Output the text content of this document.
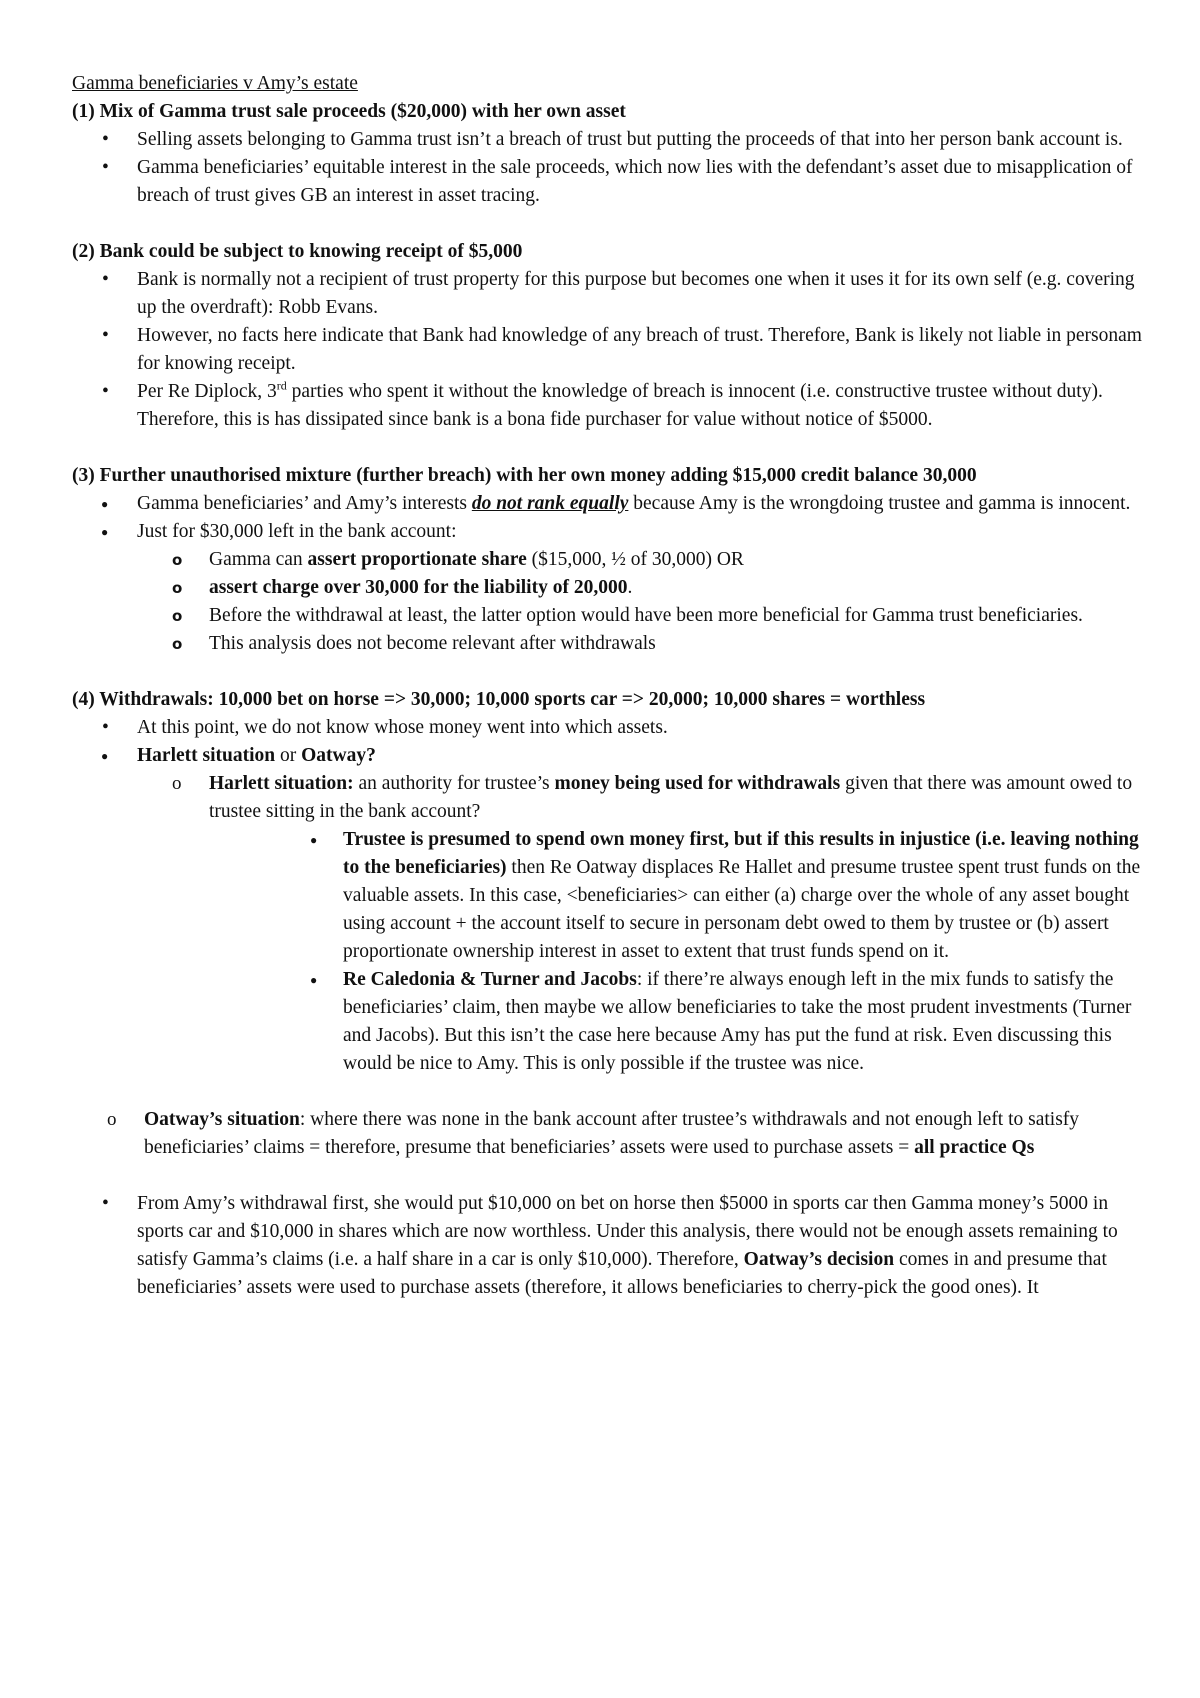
Gamma beneficiaries v Amy’s estate

(1) Mix of Gamma trust sale proceeds ($20,000) with her own asset

• Selling assets belonging to Gamma trust isn’t a breach of trust but putting the proceeds of that into her person bank account is.
• Gamma beneficiaries’ equitable interest in the sale proceeds, which now lies with the defendant’s asset due to misapplication of breach of trust gives GB an interest in asset tracing.

(2) Bank could be subject to knowing receipt of $5,000

• Bank is normally not a recipient of trust property for this purpose but becomes one when it uses it for its own self (e.g. covering up the overdraft): Robb Evans.
• However, no facts here indicate that Bank had knowledge of any breach of trust. Therefore, Bank is likely not liable in personam for knowing receipt.
• Per Re Diplock, 3rd parties who spent it without the knowledge of breach is innocent (i.e. constructive trustee without duty). Therefore, this is has dissipated since bank is a bona fide purchaser for value without notice of $5000.

(3) Further unauthorised mixture (further breach) with her own money adding $15,000 credit balance 30,000

● Gamma beneficiaries’ and Amy’s interests do not rank equally because Amy is the wrongdoing trustee and gamma is innocent.
● Just for $30,000 left in the bank account:
o Gamma can assert proportionate share ($15,000, ½ of 30,000) OR
o assert charge over 30,000 for the liability of 20,000.
o Before the withdrawal at least, the latter option would have been more beneficial for Gamma trust beneficiaries.
o This analysis does not become relevant after withdrawals

(4) Withdrawals: 10,000 bet on horse => 30,000; 10,000 sports car => 20,000; 10,000 shares = worthless

• At this point, we do not know whose money went into which assets.
● Harlett situation or Oatway?
o Harlett situation: an authority for trustee’s money being used for withdrawals given that there was amount owed to trustee sitting in the bank account?
● Trustee is presumed to spend own money first, but if this results in injustice (i.e. leaving nothing to the beneficiaries) then Re Oatway displaces Re Hallet and presume trustee spent trust funds on the valuable assets. In this case, <beneficiaries> can either (a) charge over the whole of any asset bought using account + the account itself to secure in personam debt owed to them by trustee or (b) assert proportionate ownership interest in asset to extent that trust funds spend on it.
● Re Caledonia & Turner and Jacobs: if there’re always enough left in the mix funds to satisfy the beneficiaries’ claim, then maybe we allow beneficiaries to take the most prudent investments (Turner and Jacobs). But this isn’t the case here because Amy has put the fund at risk. Even discussing this would be nice to Amy. This is only possible if the trustee was nice.
o Oatway’s situation: where there was none in the bank account after trustee’s withdrawals and not enough left to satisfy beneficiaries’ claims = therefore, presume that beneficiaries’ assets were used to purchase assets = all practice Qs
• From Amy’s withdrawal first, she would put $10,000 on bet on horse then $5000 in sports car then Gamma money’s 5000 in sports car and $10,000 in shares which are now worthless. Under this analysis, there would not be enough assets remaining to satisfy Gamma’s claims (i.e. a half share in a car is only $10,000). Therefore, Oatway’s decision comes in and presume that beneficiaries’ assets were used to purchase assets (therefore, it allows beneficiaries to cherry-pick the good ones). It
